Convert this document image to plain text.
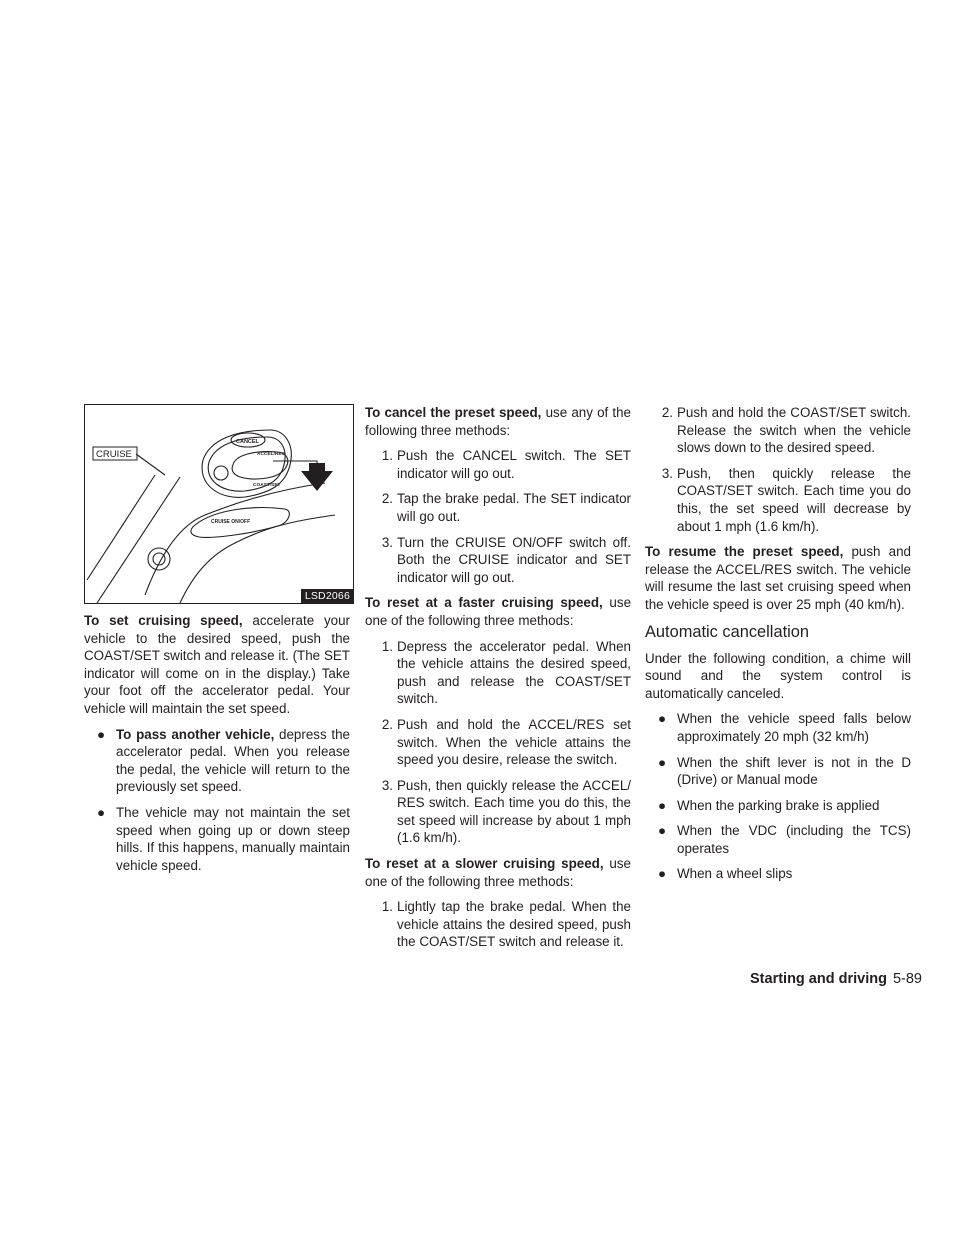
CRUISE
CANCEL
ACCEL/RES
COAST/SET
CRUISE ON/OFF
LSD2066

To set cruising speed, accelerate your vehicle to the desired speed, push the COAST/SET switch and release it. (The SET indicator will come on in the display.) Take your foot off the accelerator pedal. Your vehicle will maintain the set speed.

● To pass another vehicle, depress the accelerator pedal. When you release the pedal, the vehicle will return to the previously set speed.
● The vehicle may not maintain the set speed when going up or down steep hills. If this happens, manually maintain vehicle speed.

To cancel the preset speed, use any of the following three methods:

1. Push the CANCEL switch. The SET indicator will go out.
2. Tap the brake pedal. The SET indicator will go out.
3. Turn the CRUISE ON/OFF switch off. Both the CRUISE indicator and SET indicator will go out.

To reset at a faster cruising speed, use one of the following three methods:

1. Depress the accelerator pedal. When the vehicle attains the desired speed, push and release the COAST/SET switch.
2. Push and hold the ACCEL/RES set switch. When the vehicle attains the speed you desire, release the switch.
3. Push, then quickly release the ACCEL/ RES switch. Each time you do this, the set speed will increase by about 1 mph (1.6 km/h).

To reset at a slower cruising speed, use one of the following three methods:

1. Lightly tap the brake pedal. When the vehicle attains the desired speed, push the COAST/SET switch and release it.
2. Push and hold the COAST/SET switch. Release the switch when the vehicle slows down to the desired speed.
3. Push, then quickly release the COAST/SET switch. Each time you do this, the set speed will decrease by about 1 mph (1.6 km/h).

To resume the preset speed, push and release the ACCEL/RES switch. The vehicle will resume the last set cruising speed when the vehicle speed is over 25 mph (40 km/h).

Automatic cancellation

Under the following condition, a chime will sound and the system control is automatically canceled.

● When the vehicle speed falls below approximately 20 mph (32 km/h)
● When the shift lever is not in the D (Drive) or Manual mode
● When the parking brake is applied
● When the VDC (including the TCS) operates
● When a wheel slips
Starting and driving 5-89
